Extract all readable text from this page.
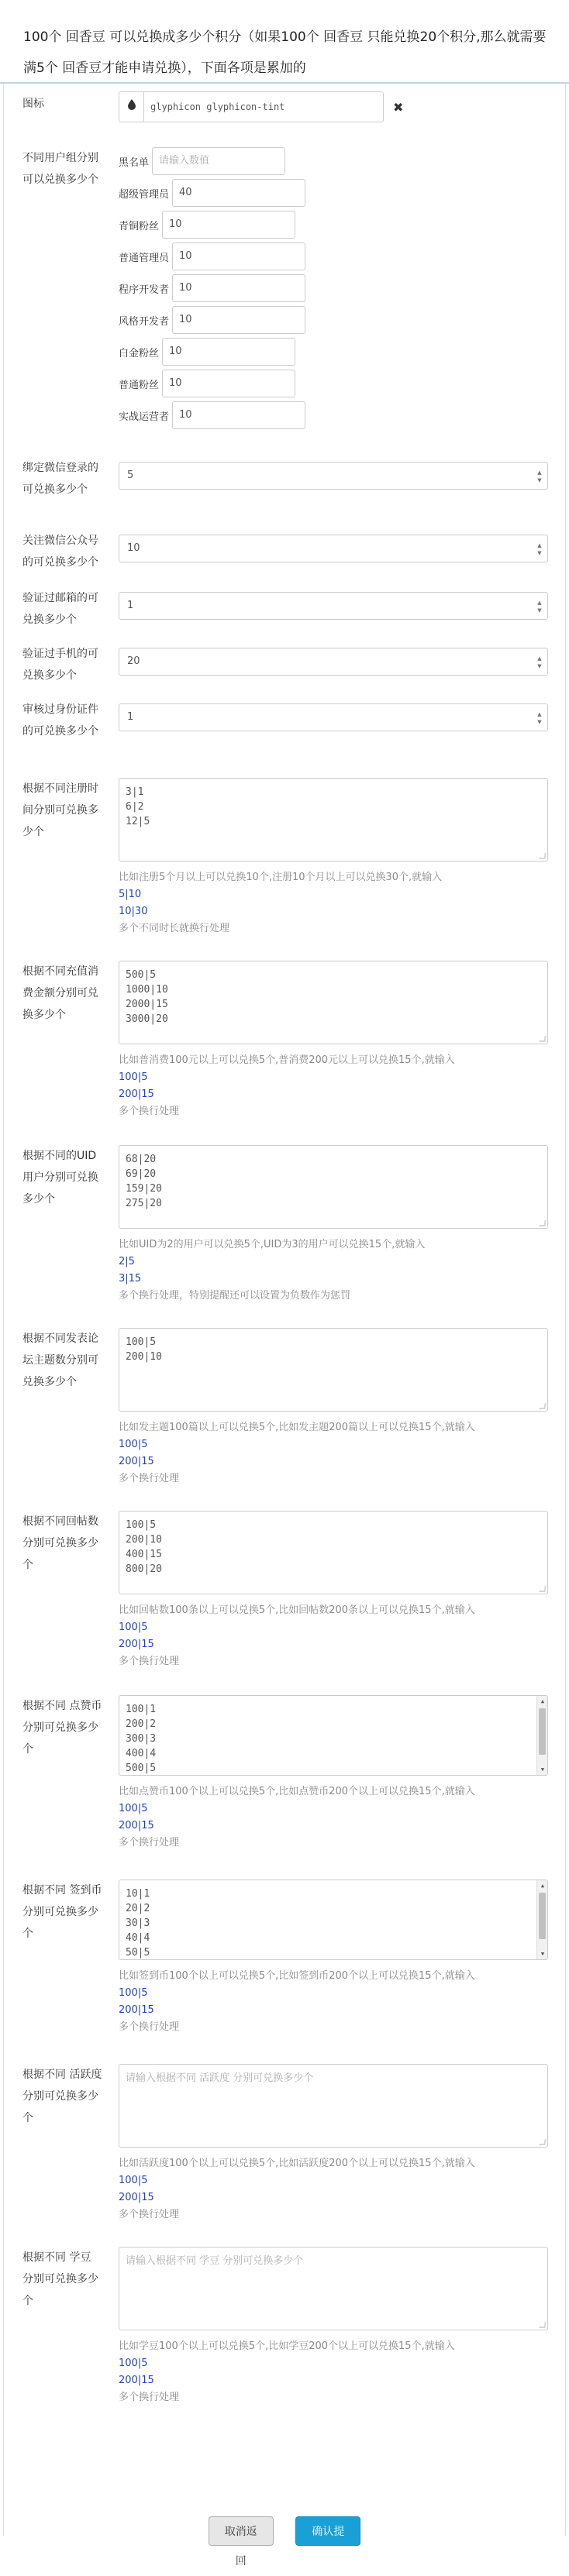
100个 回香豆 可以兑换成多少个积分（如果100个 回香豆 只能兑换20个积分,那么就需要满5个 回香豆才能申请兑换），下面各项是累加的
图标	glyphicon glyphicon-tint	✖
不同用户组分别可以兑换多少个
黑名单	请输入数值
超级管理员	40
青铜粉丝	10
普通管理员	10
程序开发者	10
风格开发者	10
白金粉丝	10
普通粉丝	10
实战运营者	10
绑定微信登录的可兑换多少个
5	▲
▼
关注微信公众号的可兑换多少个
10	▲
▼
验证过邮箱的可兑换多少个
1	▲
▼
验证过手机的可兑换多少个
20	▲
▼
审核过身份证件的可兑换多少个
1	▲
▼
根据不同注册时间分别可兑换多少个
3|1
6|2
12|5
比如注册5个月以上可以兑换10个,注册10个月以上可以兑换30个,就输入
5|10
10|30
多个不同时长就换行处理
根据不同充值消费金额分别可兑换多少个
500|5
1000|10
2000|15
3000|20
比如普消费100元以上可以兑换5个,普消费200元以上可以兑换15个,就输入
100|5
200|15
多个换行处理
根据不同的UID用户分别可兑换多少个
68|20
69|20
159|20
275|20
比如UID为2的用户可以兑换5个,UID为3的用户可以兑换15个,就输入
2|5
3|15
多个换行处理，特别提醒还可以设置为负数作为惩罚
根据不同发表论坛主题数分别可兑换多少个
100|5
200|10
比如发主题100篇以上可以兑换5个,比如发主题200篇以上可以兑换15个,就输入
100|5
200|15
多个换行处理
根据不同回帖数分别可兑换多少个
100|5
200|10
400|15
800|20
比如回帖数100条以上可以兑换5个,比如回帖数200条以上可以兑换15个,就输入
100|5
200|15
多个换行处理
根据不同 点赞币 分别可兑换多少个
100|1
200|2
300|3
400|4
500|5
▲
▼
比如点赞币100个以上可以兑换5个,比如点赞币200个以上可以兑换15个,就输入
100|5
200|15
多个换行处理
根据不同 签到币 分别可兑换多少个
10|1
20|2
30|3
40|4
50|5
▲
▼
比如签到币100个以上可以兑换5个,比如签到币200个以上可以兑换15个,就输入
100|5
200|15
多个换行处理
根据不同 活跃度 分别可兑换多少个
请输入根据不同 活跃度 分别可兑换多少个
比如活跃度100个以上可以兑换5个,比如活跃度200个以上可以兑换15个,就输入
100|5
200|15
多个换行处理
根据不同 学豆 分别可兑换多少个
请输入根据不同 学豆 分别可兑换多少个
比如学豆100个以上可以兑换5个,比如学豆200个以上可以兑换15个,就输入
100|5
200|15
多个换行处理
取消返回 确认提交
